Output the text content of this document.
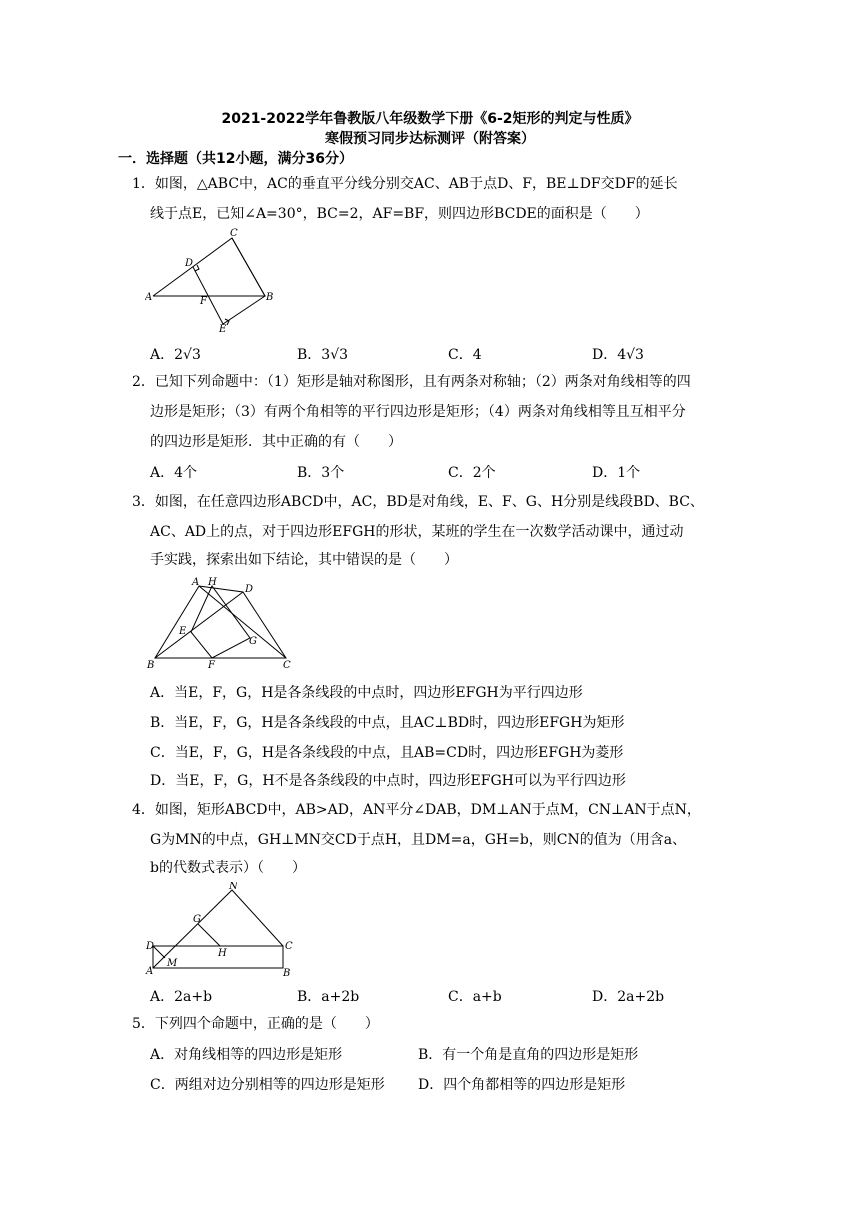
2021-2022学年鲁教版八年级数学下册《6-2矩形的判定与性质》
寒假预习同步达标测评（附答案）
一．选择题（共12小题，满分36分）
1．如图，△ABC中，AC的垂直平分线分别交AC、AB于点D、F，BE⊥DF交DF的延长
线于点E，已知∠A=30°，BC=2，AF=BF，则四边形BCDE的面积是（　　）
C
D
A	F	B
E
A．2√3	B．3√3	C．4	D．4√3
2．已知下列命题中：（1）矩形是轴对称图形，且有两条对称轴；（2）两条对角线相等的四
边形是矩形；（3）有两个角相等的平行四边形是矩形；（4）两条对角线相等且互相平分
的四边形是矩形．其中正确的有（　　）
A．4个	B．3个	C．2个	D．1个
3．如图，在任意四边形ABCD中，AC，BD是对角线，E、F、G、H分别是线段BD、BC、
AC、AD上的点，对于四边形EFGH的形状，某班的学生在一次数学活动课中，通过动
手实践，探索出如下结论，其中错误的是（　　）
A H
D
E
G
B	F	C
A．当E，F，G，H是各条线段的中点时，四边形EFGH为平行四边形
B．当E，F，G，H是各条线段的中点，且AC⊥BD时，四边形EFGH为矩形
C．当E，F，G，H是各条线段的中点，且AB=CD时，四边形EFGH为菱形
D．当E，F，G，H不是各条线段的中点时，四边形EFGH可以为平行四边形
4．如图，矩形ABCD中，AB>AD，AN平分∠DAB，DM⊥AN于点M，CN⊥AN于点N，
G为MN的中点，GH⊥MN交CD于点H，且DM=a，GH=b，则CN的值为（用含a、
b的代数式表示）（　　）
N
G
D
H
C
A
M
B
A．2a+b	B．a+2b	C．a+b	D．2a+2b
5．下列四个命题中，正确的是（　　）
A．对角线相等的四边形是矩形	B．有一个角是直角的四边形是矩形
C．两组对边分别相等的四边形是矩形 D．四个角都相等的四边形是矩形
